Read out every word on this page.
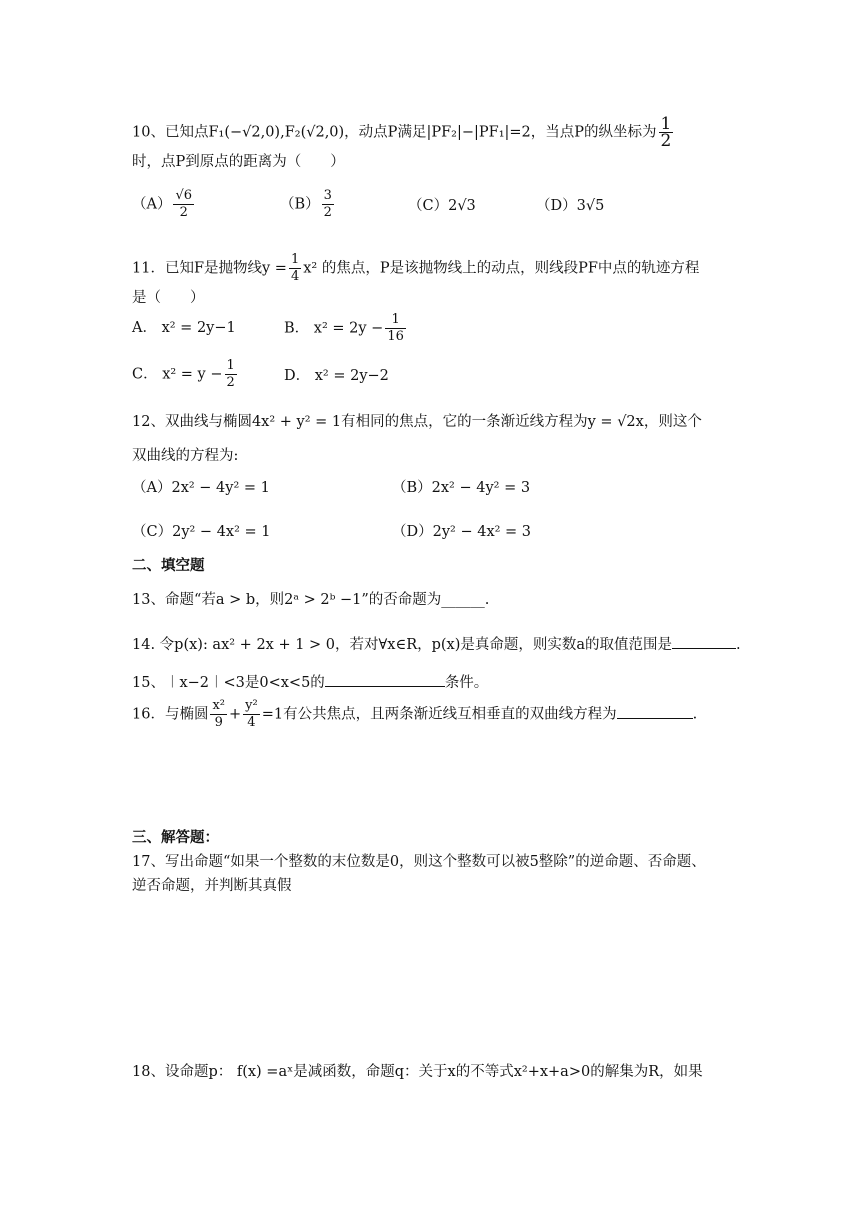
10、已知点F₁(−√2,0),F₂(√2,0)，动点P满足|PF₂|−|PF₁|=2，当点P的纵坐标为 $\frac{1}{2}$
时，点P到原点的距离为（　　）
$(A) \frac{√6}{2}$	$(B) \frac{3}{2}$	（C）2√3	（D）3√5
11．已知F是抛物线$y = \frac{1}{4} x^2$ 的焦点，P是该抛物线上的动点，则线段PF中点的轨迹方程
是（　　）
A． x² = 2y−1	B． $x^2 = 2y - \frac{1}{16}$
C． $x^2 = y - \frac{1}{2}$	D． x² = 2y−2
12、双曲线与椭圆4x² + y² = 1有相同的焦点，它的一条渐近线方程为y = √2x，则这个
双曲线的方程为:
（A）2x² − 4y² = 1	（B）2x² − 4y² = 3
（C）2y² − 4x² = 1	（D）2y² − 4x² = 3
二、填空题
13、命题“若a > b，则2ᵃ > 2ᵇ −1”的否命题为______.
14. 令p(x): ax² + 2x + 1 > 0，若对∀x∈R，p(x)是真命题，则实数a的取值范围是	.
15、︱x−2︱<3是0<x<5的	条件。
16．与椭圆 $\frac{\text{x²}}{9} + \frac{\text{y²}}{4} =1$有公共焦点，且两条渐近线互相垂直的双曲线方程为	.
三、解答题：
17、写出命题“如果一个整数的末位数是0，则这个整数可以被5整除”的逆命题、否命题、
逆否命题，并判断其真假
18、设命题p： f(x) =aˣ是减函数，命题q：关于x的不等式x²+x+a>0的解集为R，如果
